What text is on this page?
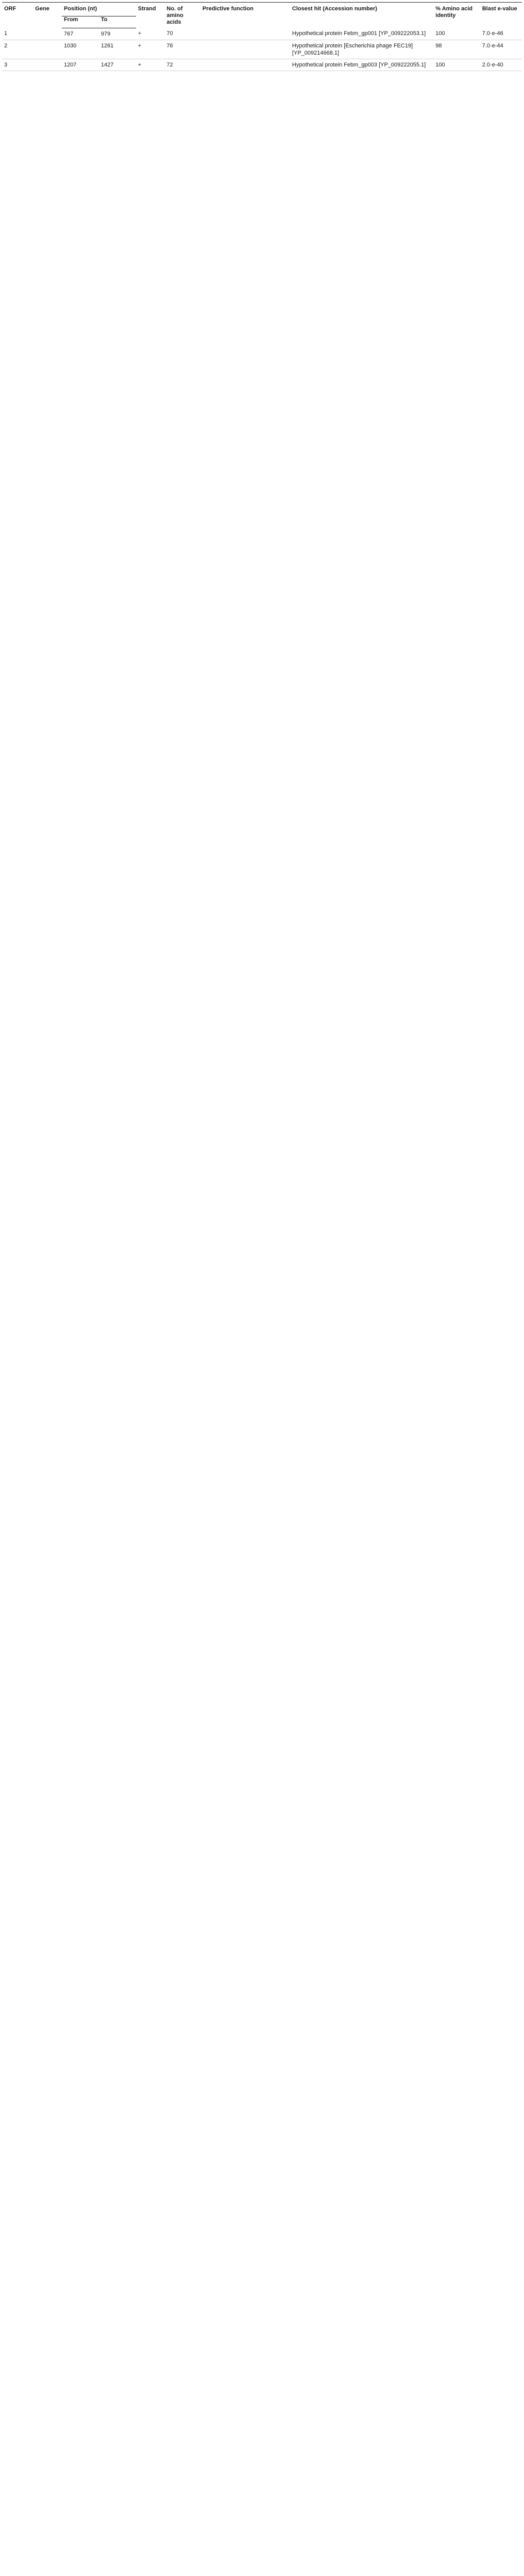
ORF	Gene	Position (nt)		Strand	No. of amino acids	Predictive function	Closest hit (Accession number)	% Amino acid identity	Blast e-value
		From	To						
1		767	979	+	70		Hypothetical protein Febm_gp001 [YP_009222053.1]	100	7.0·e-46
2		1030	1261	+	76		Hypothetical protein [Escherichia phage FEC19] [YP_009214668.1]	98	7.0·e-44
3		1207	1427	+	72		Hypothetical protein Febm_gp003 [YP_009222055.1]	100	2.0·e-40
